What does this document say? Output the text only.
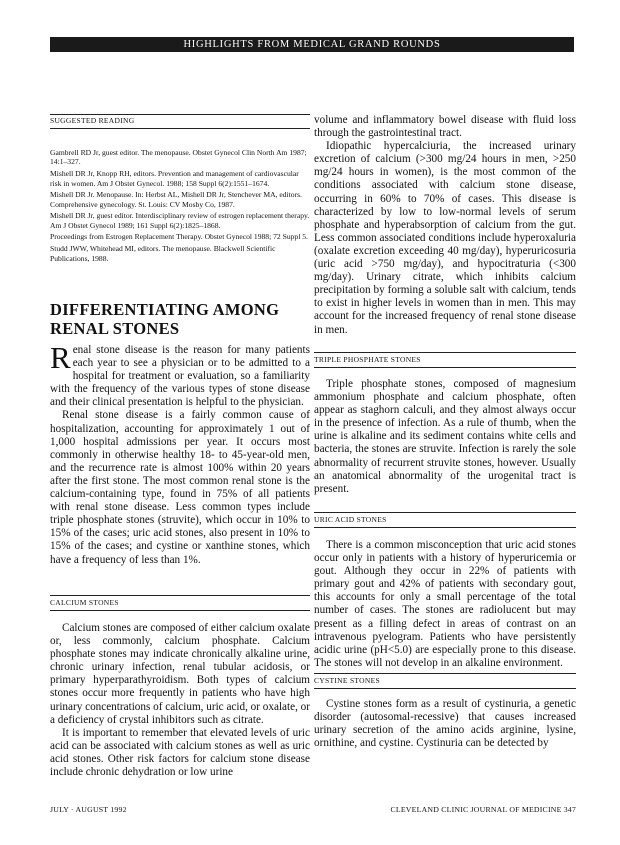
HIGHLIGHTS FROM MEDICAL GRAND ROUNDS
SUGGESTED READING

Gambrell RD Jr, guest editor. The menopause. Obstet Gynecol Clin North Am 1987; 14:1–327.

Mishell DR Jr, Knopp RH, editors. Prevention and management of cardiovascular risk in women. Am J Obstet Gynecol. 1988; 158 Suppl 6(2):1551–1674.

Mishell DR Jr. Menopause. In: Herbst AL, Mishell DR Jr, Stenchever MA, editors. Comprehensive gynecology. St. Louis: CV Mosby Co, 1987.

Mishell DR Jr, guest editor. Interdisciplinary review of estrogen replacement therapy. Am J Obstet Gynecol 1989; 161 Suppl 6(2):1825–1868.

Proceedings from Estrogen Replacement Therapy. Obstet Gynecol 1988; 72 Suppl 5.

Studd JWW, Whitehead MI, editors. The menopause. Blackwell Scientific Publications, 1988.

DIFFERENTIATING AMONG RENAL STONES

Renal stone disease is the reason for many patients each year to see a physician or to be admitted to a hospital for treatment or evaluation, so a familiarity with the frequency of the various types of stone disease and their clinical presentation is helpful to the physician.

Renal stone disease is a fairly common cause of hospitalization, accounting for approximately 1 out of 1,000 hospital admissions per year. It occurs most commonly in otherwise healthy 18- to 45-year-old men, and the recurrence rate is almost 100% within 20 years after the first stone. The most common renal stone is the calcium-containing type, found in 75% of all patients with renal stone disease. Less common types include triple phosphate stones (struvite), which occur in 10% to 15% of the cases; uric acid stones, also present in 10% to 15% of the cases; and cystine or xanthine stones, which have a frequency of less than 1%.

CALCIUM STONES

Calcium stones are composed of either calcium oxalate or, less commonly, calcium phosphate. Calcium phosphate stones may indicate chronically alkaline urine, chronic urinary infection, renal tubular acidosis, or primary hyperparathyroidism. Both types of calcium stones occur more frequently in patients who have high urinary concentrations of calcium, uric acid, or oxalate, or a deficiency of crystal inhibitors such as citrate.

It is important to remember that elevated levels of uric acid can be associated with calcium stones as well as uric acid stones. Other risk factors for calcium stone disease include chronic dehydration or low urine

volume and inflammatory bowel disease with fluid loss through the gastrointestinal tract.

Idiopathic hypercalciuria, the increased urinary excretion of calcium (>300 mg/24 hours in men, >250 mg/24 hours in women), is the most common of the conditions associated with calcium stone disease, occurring in 60% to 70% of cases. This disease is characterized by low to low-normal levels of serum phosphate and hyperabsorption of calcium from the gut. Less common associated conditions include hyperoxaluria (oxalate excretion exceeding 40 mg/day), hyperuricosuria (uric acid >750 mg/day), and hypocitraturia (<300 mg/day). Urinary citrate, which inhibits calcium precipitation by forming a soluble salt with calcium, tends to exist in higher levels in women than in men. This may account for the increased frequency of renal stone disease in men.

TRIPLE PHOSPHATE STONES

Triple phosphate stones, composed of magnesium ammonium phosphate and calcium phosphate, often appear as staghorn calculi, and they almost always occur in the presence of infection. As a rule of thumb, when the urine is alkaline and its sediment contains white cells and bacteria, the stones are struvite. Infection is rarely the sole abnormality of recurrent struvite stones, however. Usually an anatomical abnormality of the urogenital tract is present.

URIC ACID STONES

There is a common misconception that uric acid stones occur only in patients with a history of hyperuricemia or gout. Although they occur in 22% of patients with primary gout and 42% of patients with secondary gout, this accounts for only a small percentage of the total number of cases. The stones are radiolucent but may present as a filling defect in areas of contrast on an intravenous pyelogram. Patients who have persistently acidic urine (pH<5.0) are especially prone to this disease. The stones will not develop in an alkaline environment.

CYSTINE STONES

Cystine stones form as a result of cystinuria, a genetic disorder (autosomal-recessive) that causes increased urinary secretion of the amino acids arginine, lysine, ornithine, and cystine. Cystinuria can be detected by

JULY · AUGUST 1992	CLEVELAND CLINIC JOURNAL OF MEDICINE 347
